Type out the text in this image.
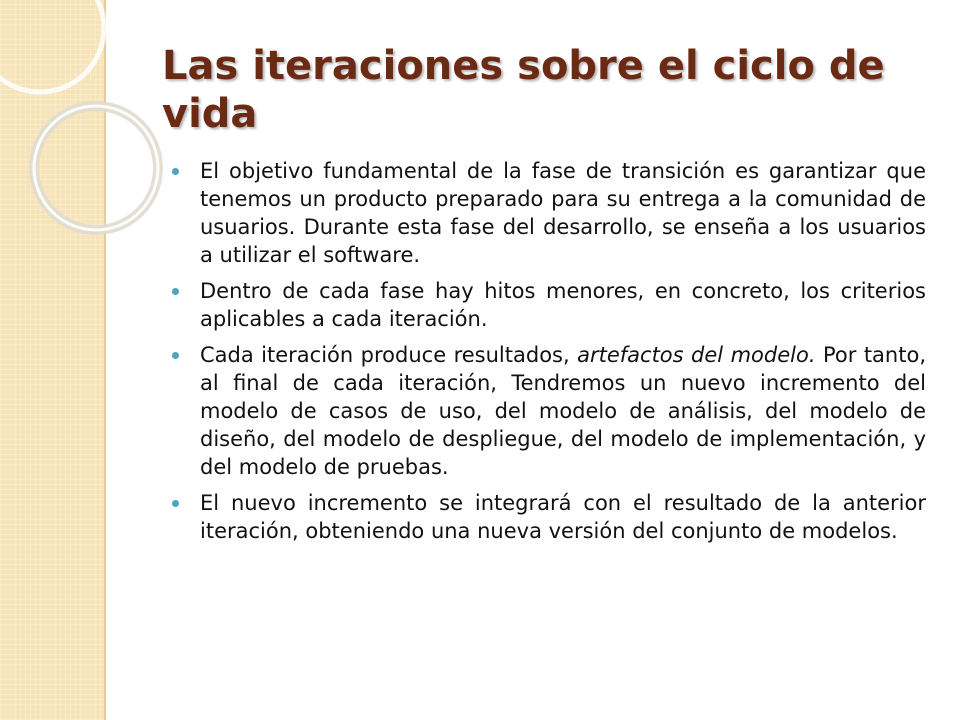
Las iteraciones sobre el ciclo de vida
El objetivo fundamental de la fase de transición es garantizar que tenemos un producto preparado para su entrega a la comunidad de usuarios. Durante esta fase del desarrollo, se enseña a los usuarios a utilizar el software.
Dentro de cada fase hay hitos menores, en concreto, los criterios aplicables a cada iteración.
Cada iteración produce resultados, artefactos del modelo. Por tanto, al final de cada iteración, Tendremos un nuevo incremento del modelo de casos de uso, del modelo de análisis, del modelo de diseño, del modelo de despliegue, del modelo de implementación, y del modelo de pruebas.
El nuevo incremento se integrará con el resultado de la anterior iteración, obteniendo una nueva versión del conjunto de modelos.
